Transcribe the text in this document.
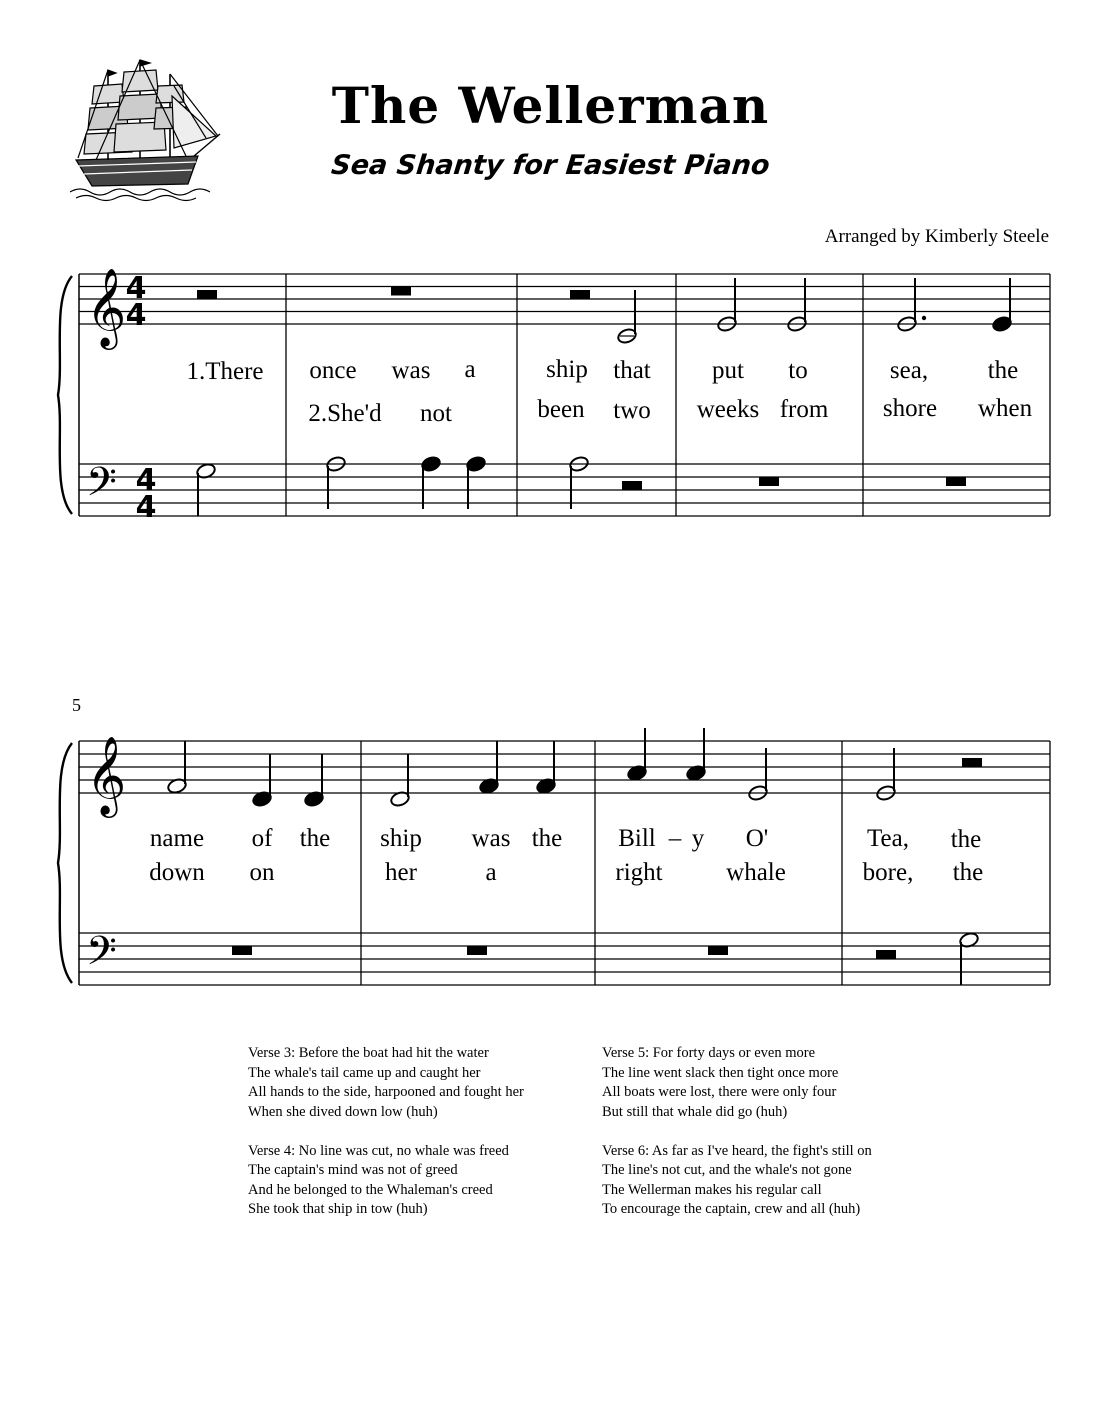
The Wellerman
Sea Shanty for Easiest Piano
Arranged by Kimberly Steele
𝄞
𝄢
4
4
4
4
1.There once was a
2.She'd not
ship that
been two
put to
weeks from
sea, the
shore when
5
𝄞
𝄢
name of the
down on
ship was the
her	a
Bill – y O'
right	whale
Tea, the
bore, the
Verse 3: Before the boat had hit the water
The whale's tail came up and caught her
All hands to the side, harpooned and fought her
When she dived down low (huh)
Verse 4: No line was cut, no whale was freed
The captain's mind was not of greed
And he belonged to the Whaleman's creed
She took that ship in tow (huh)
Verse 5: For forty days or even more
The line went slack then tight once more
All boats were lost, there were only four
But still that whale did go (huh)
Verse 6: As far as I've heard, the fight's still on
The line's not cut, and the whale's not gone
The Wellerman makes his regular call
To encourage the captain, crew and all (huh)
